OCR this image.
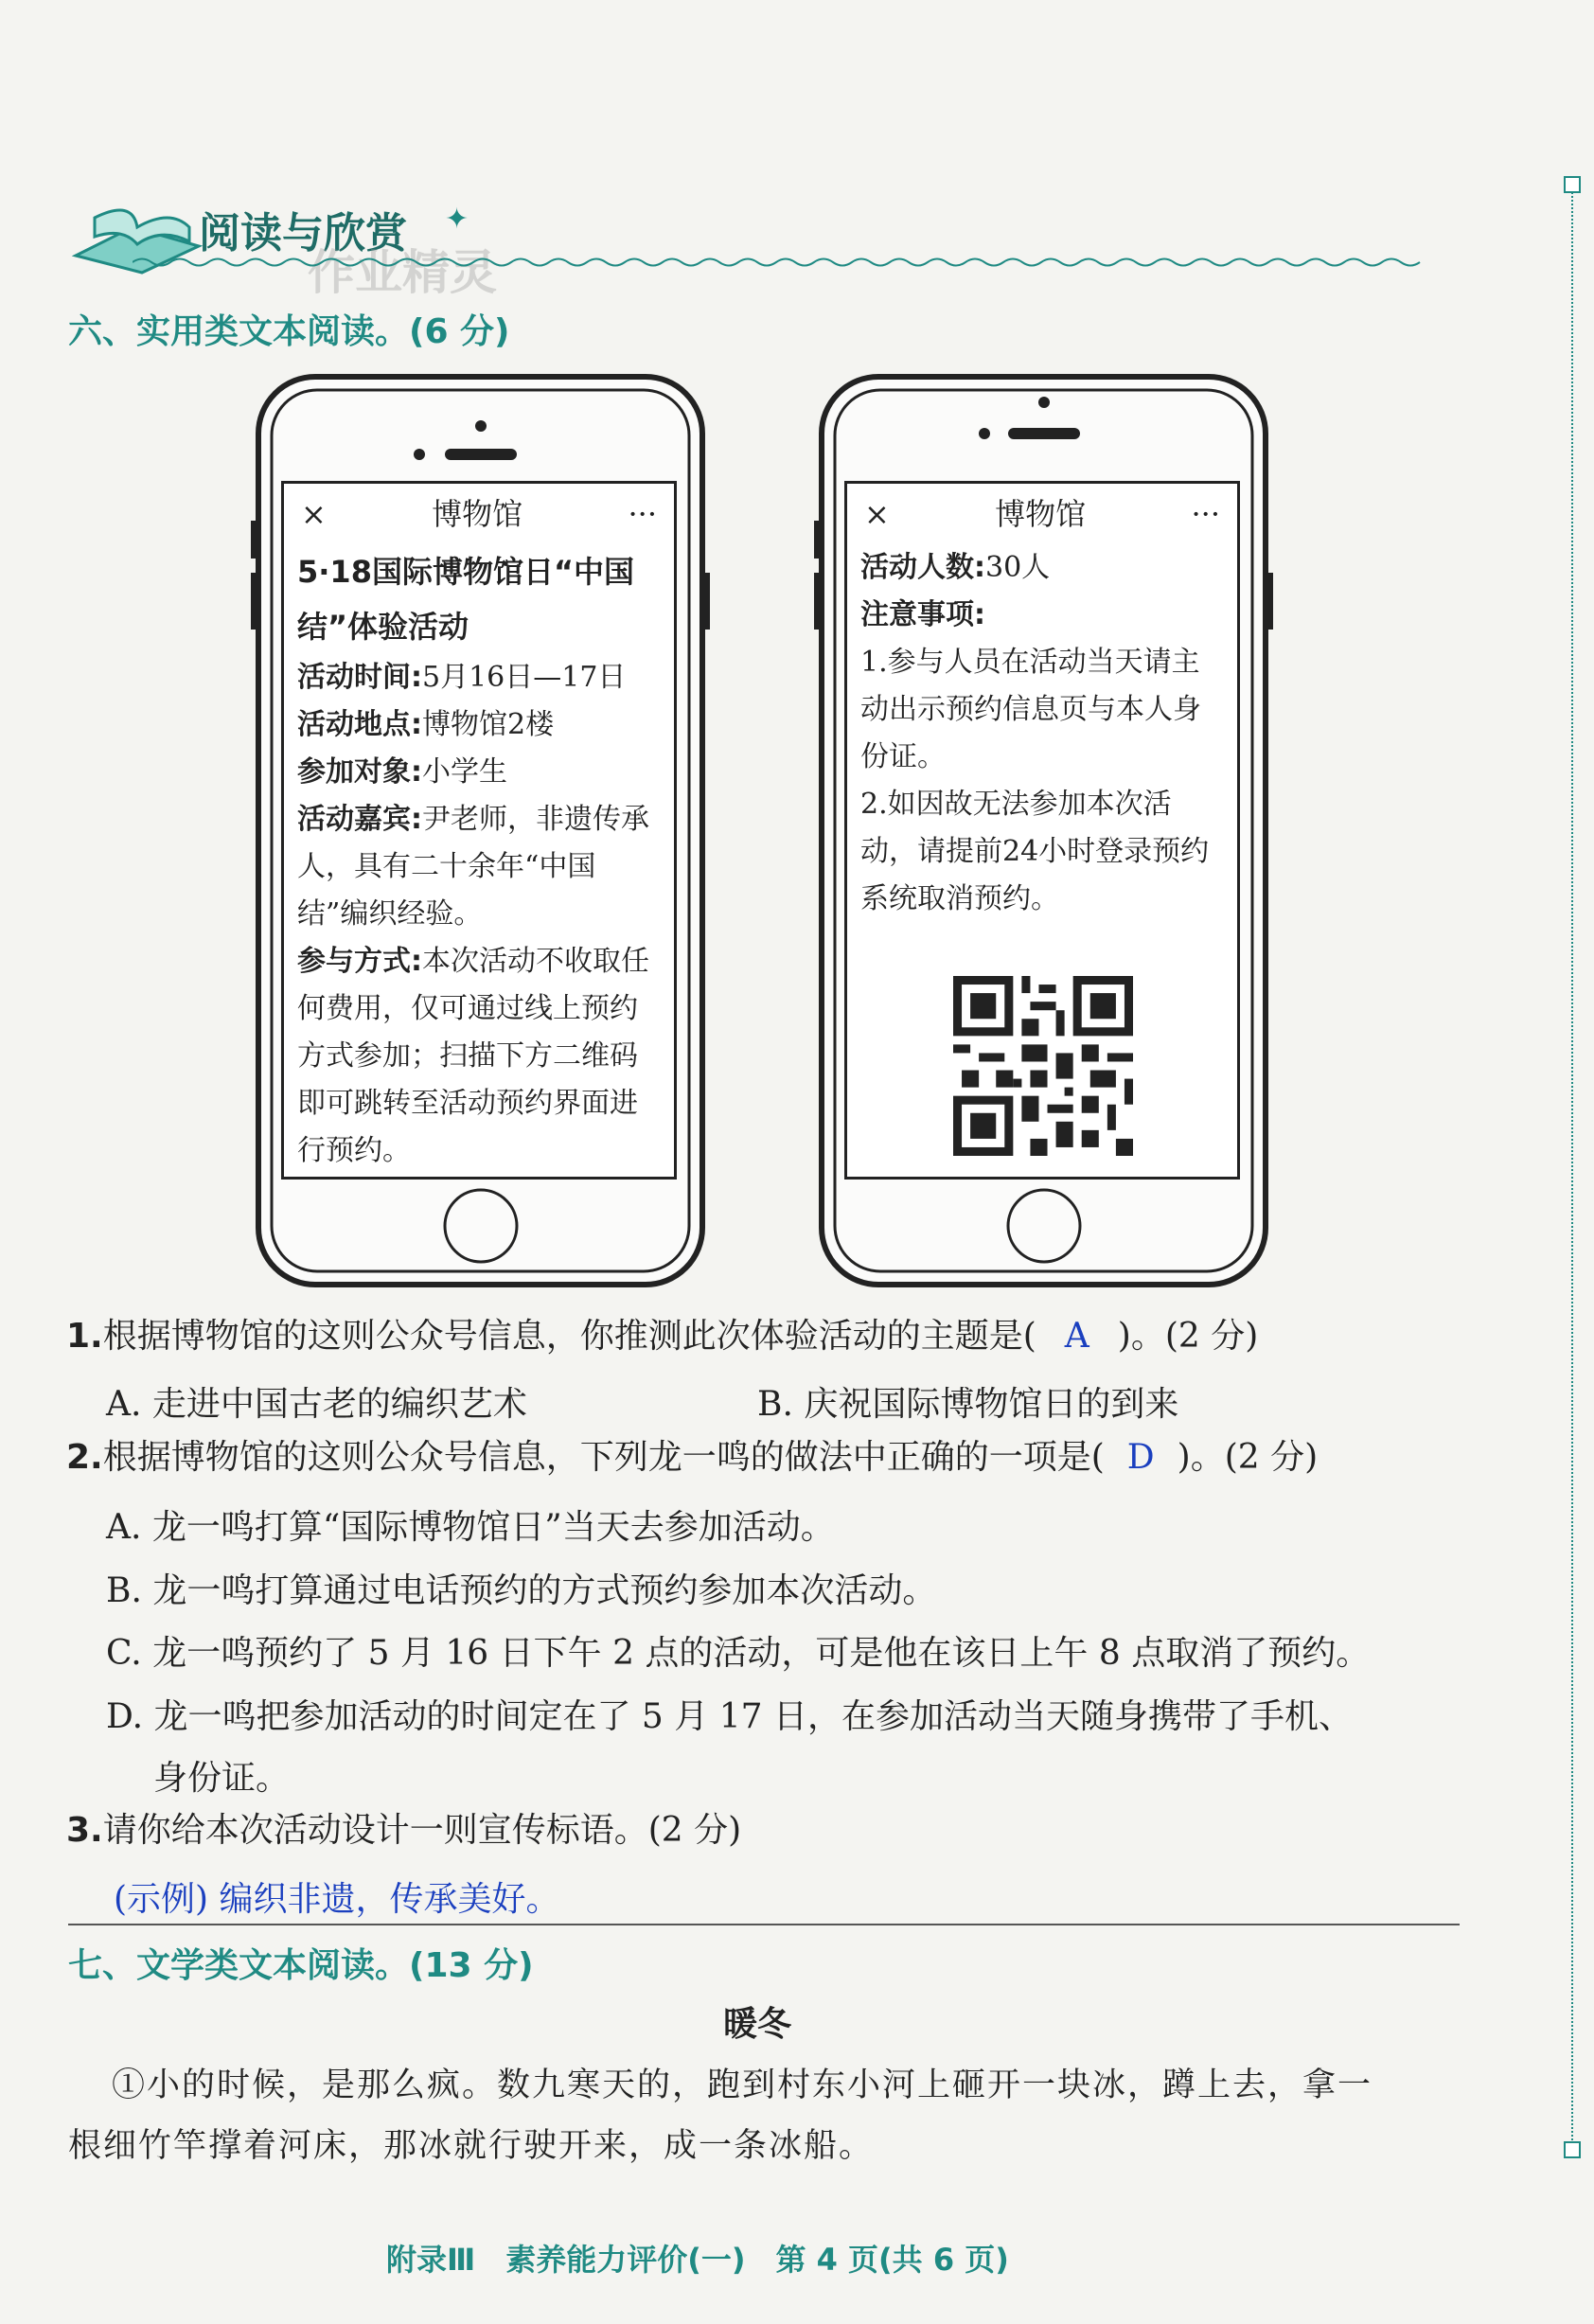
阅读与欣赏 ✦
作业精灵
六、实用类文本阅读。(6 分)
×	博物馆	···

5·18国际博物馆日“中国结”体验活动

活动时间:5月16日—17日

活动地点:博物馆2楼

参加对象:小学生

活动嘉宾:尹老师，非遗传承人，具有二十余年“中国结”编织经验。

参与方式:本次活动不收取任何费用，仅可通过线上预约方式参加；扫描下方二维码即可跳转至活动预约界面进行预约。

×	博物馆	···

活动人数:30人

注意事项:

1.参与人员在活动当天请主动出示预约信息页与本人身份证。

2.如因故无法参加本次活动，请提前24小时登录预约系统取消预约。

1.根据博物馆的这则公众号信息，你推测此次体验活动的主题是( A )。(2 分)
A. 走进中国古老的编织艺术	B. 庆祝国际博物馆日的到来
2.根据博物馆的这则公众号信息，下列龙一鸣的做法中正确的一项是( D )。(2 分)
A. 龙一鸣打算“国际博物馆日”当天去参加活动。
B. 龙一鸣打算通过电话预约的方式预约参加本次活动。
C. 龙一鸣预约了 5 月 16 日下午 2 点的活动，可是他在该日上午 8 点取消了预约。
D. 龙一鸣把参加活动的时间定在了 5 月 17 日，在参加活动当天随身携带了手机、
身份证。
3.请你给本次活动设计一则宣传标语。(2 分)
(示例) 编织非遗，传承美好。
七、文学类文本阅读。(13 分)
暖冬
①小的时候，是那么疯。数九寒天的，跑到村东小河上砸开一块冰，蹲上去，拿一
根细竹竿撑着河床，那冰就行驶开来，成一条冰船。
附录Ⅲ　素养能力评价(一)　第 4 页(共 6 页)
